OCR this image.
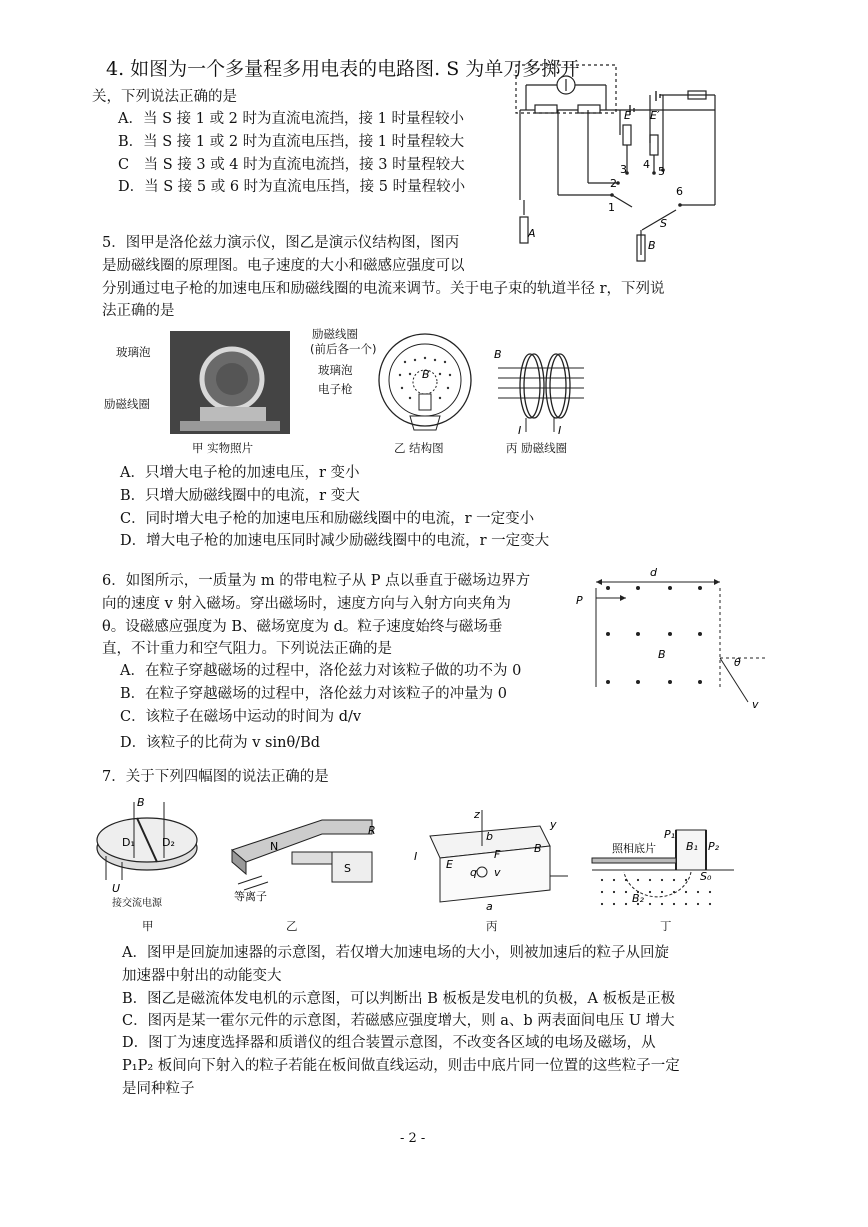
4. 如图为一个多量程多用电表的电路图. S 为单刀多掷开
关，下列说法正确的是
A．当 S 接 1 或 2 时为直流电流挡，接 1 时量程较小
B．当 S 接 1 或 2 时为直流电压挡，接 1 时量程较大
C　当 S 接 3 或 4 时为直流电流挡，接 3 时量程较大
D．当 S 接 5 或 6 时为直流电压挡，接 5 时量程较小
A
B
S
E E′
1
2
3 4
5
6
5．图甲是洛伦兹力演示仪，图乙是演示仪结构图，图丙
是励磁线圈的原理图。电子速度的大小和磁感应强度可以
分别通过电子枪的加速电压和励磁线圈的电流来调节。关于电子束的轨道半径 r，下列说
法正确的是
玻璃泡
励磁线圈
甲 实物照片
励磁线圈
(前后各一个)
玻璃泡
电子枪
B
乙 结构图
B
I	I
丙 励磁线圈
A．只增大电子枪的加速电压，r 变小
B．只增大励磁线圈中的电流，r 变大
C．同时增大电子枪的加速电压和励磁线圈中的电流，r 一定变小
D．增大电子枪的加速电压同时减少励磁线圈中的电流，r 一定变大
6．如图所示，一质量为 m 的带电粒子从 P 点以垂直于磁场边界方
向的速度 v 射入磁场。穿出磁场时，速度方向与入射方向夹角为
θ。设磁感应强度为 B、磁场宽度为 d。粒子速度始终与磁场垂
直，不计重力和空气阻力。下列说法正确的是
A．在粒子穿越磁场的过程中，洛伦兹力对该粒子做的功不为 0
B．在粒子穿越磁场的过程中，洛伦兹力对该粒子的冲量为 0
C．该粒子在磁场中运动的时间为 d/v
D．该粒子的比荷为 v sinθ/Bd
d
P
B
θ
v
7．关于下列四幅图的说法正确的是
B
D₁ D₂
U
接交流电源
甲
R
N
S
等离子
乙
z
y
I
b
a
E
q v
F	B
丙
P₁
P₂
B₁
照相底片
S₀
B₂
丁
A．图甲是回旋加速器的示意图，若仅增大加速电场的大小，则被加速后的粒子从回旋
加速器中射出的动能变大
B．图乙是磁流体发电机的示意图，可以判断出 B 板板是发电机的负极，A 板板是正极
C．图丙是某一霍尔元件的示意图，若磁感应强度增大，则 a、b 两表面间电压 U 增大
D．图丁为速度选择器和质谱仪的组合装置示意图，不改变各区域的电场及磁场，从
P₁P₂ 板间向下射入的粒子若能在板间做直线运动，则击中底片同一位置的这些粒子一定
是同种粒子
- 2 -
